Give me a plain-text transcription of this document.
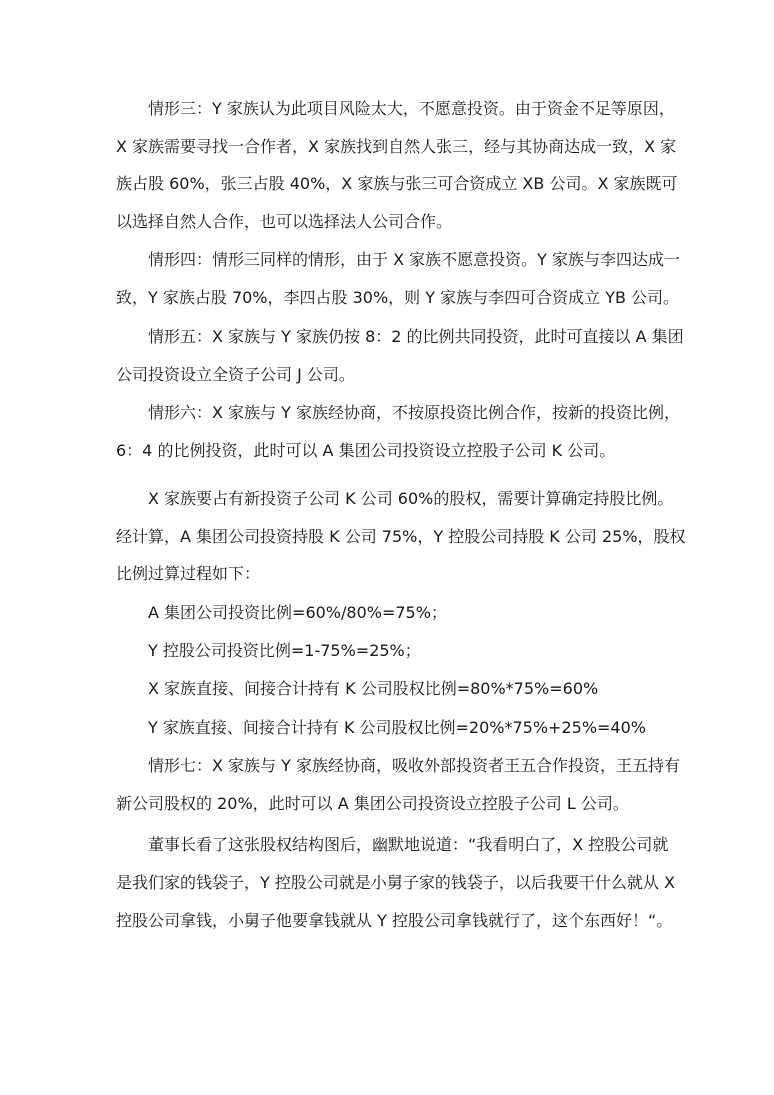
情形三：Y 家族认为此项目风险太大，不愿意投资。由于资金不足等原因，
X 家族需要寻找一合作者，X 家族找到自然人张三，经与其协商达成一致，X 家
族占股 60%，张三占股 40%，X 家族与张三可合资成立 XB 公司。X 家族既可
以选择自然人合作，也可以选择法人公司合作。
情形四：情形三同样的情形，由于 X 家族不愿意投资。Y 家族与李四达成一
致，Y 家族占股 70%，李四占股 30%，则 Y 家族与李四可合资成立 YB 公司。
情形五：X 家族与 Y 家族仍按 8：2 的比例共同投资，此时可直接以 A 集团
公司投资设立全资子公司 J 公司。
情形六：X 家族与 Y 家族经协商，不按原投资比例合作，按新的投资比例，
6：4 的比例投资，此时可以 A 集团公司投资设立控股子公司 K 公司。
X 家族要占有新投资子公司 K 公司 60%的股权，需要计算确定持股比例。
经计算，A 集团公司投资持股 K 公司 75%，Y 控股公司持股 K 公司 25%，股权
比例过算过程如下：
A 集团公司投资比例=60%/80%=75%；
Y 控股公司投资比例=1-75%=25%；
X 家族直接、间接合计持有 K 公司股权比例=80%*75%=60%
Y 家族直接、间接合计持有 K 公司股权比例=20%*75%+25%=40%
情形七：X 家族与 Y 家族经协商，吸收外部投资者王五合作投资，王五持有
新公司股权的 20%，此时可以 A 集团公司投资设立控股子公司 L 公司。
董事长看了这张股权结构图后，幽默地说道：“我看明白了，X 控股公司就
是我们家的钱袋子，Y 控股公司就是小舅子家的钱袋子，以后我要干什么就从 X
控股公司拿钱，小舅子他要拿钱就从 Y 控股公司拿钱就行了，这个东西好！“。
